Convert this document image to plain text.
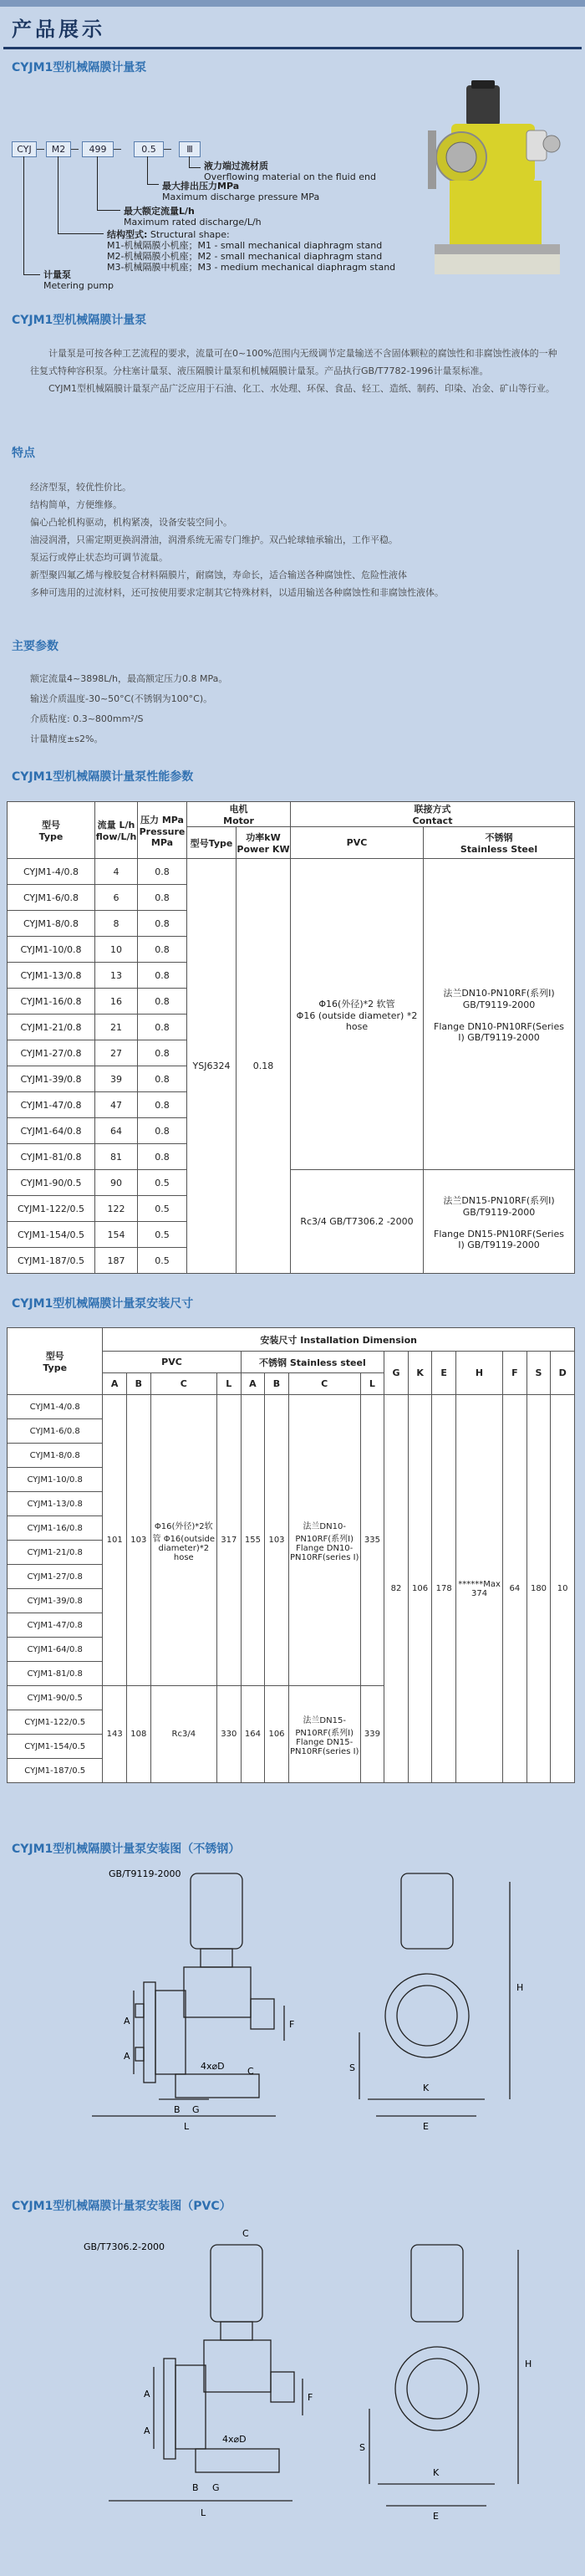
产品展示
CYJM1型机械隔膜计量泵
CYJ	M2	499	0.5	Ⅲ
液力端过流材质
Overflowing material on the fluid end
最大排出压力MPa
Maximum discharge pressure MPa
最大额定流量L/h
Maximum rated discharge/L/h
结构型式: Structural shape:
M1-机械隔膜小机座；M1 - small mechanical diaphragm stand
M2-机械隔膜小机座；M2 - small mechanical diaphragm stand
M3-机械隔膜中机座；M3 - medium mechanical diaphragm stand
计量泵
Metering pump
CYJM1型机械隔膜计量泵
计量泵是可按各种工艺流程的要求，流量可在0~100%范围内无级调节定量输送不含固体颗粒的腐蚀性和非腐蚀性液体的一种往复式特种容积泵。分柱塞计量泵、液压隔膜计量泵和机械隔膜计量泵。产品执行GB/T7782-1996计量泵标准。
CYJM1型机械隔膜计量泵产品广泛应用于石油、化工、水处理、环保、食品、轻工、造纸、制药、印染、冶金、矿山等行业。
特点
经济型泵，较优性价比。
结构简单，方便维修。
偏心凸轮机构驱动，机构紧凑，设备安装空间小。
油浸润滑，只需定期更换润滑油，润滑系统无需专门维护。双凸轮球轴承输出，工作平稳。
泵运行或停止状态均可调节流量。
新型聚四氟乙烯与橡胶复合材料隔膜片，耐腐蚀，寿命长，适合输送各种腐蚀性、危险性液体
多种可选用的过流材料，还可按使用要求定制其它特殊材料，以适用输送各种腐蚀性和非腐蚀性液体。
主要参数
额定流量4~3898L/h，最高额定压力0.8 MPa。
输送介质温度-30~50°C(不锈钢为100°C)。
介质粘度: 0.3~800mm²/S
计量精度±s2%。
CYJM1型机械隔膜计量泵性能参数
型号
Type	流量 L/h
flow/L/h	压力 MPa
Pressure
MPa	电机
Motor		联接方式
Contact	
			型号Type	功率kW
Power KW	PVC	不锈钢
Stainless Steel
CYJM1-4/0.8	4	0.8	YSJ6324	0.18	Φ16(外径)*2 软管
Φ16 (outside diameter) *2
hose	法兰DN10-PN10RF(系列Ⅰ)
GB/T9119-2000

Flange DN10-PN10RF(Series
Ⅰ) GB/T9119-2000
CYJM1-6/0.8	6	0.8				
CYJM1-8/0.8	8	0.8				
CYJM1-10/0.8	10	0.8				
CYJM1-13/0.8	13	0.8				
CYJM1-16/0.8	16	0.8				
CYJM1-21/0.8	21	0.8				
CYJM1-27/0.8	27	0.8				
CYJM1-39/0.8	39	0.8				
CYJM1-47/0.8	47	0.8				
CYJM1-64/0.8	64	0.8				
CYJM1-81/0.8	81	0.8				
CYJM1-90/0.5	90	0.5			Rc3/4 GB/T7306.2 -2000	法兰DN15-PN10RF(系列Ⅰ)
GB/T9119-2000

Flange DN15-PN10RF(Series
Ⅰ) GB/T9119-2000
CYJM1-122/0.5	122	0.5				
CYJM1-154/0.5	154	0.5				
CYJM1-187/0.5	187	0.5				
CYJM1型机械隔膜计量泵安装尺寸
型号
Type	安装尺寸 Installation Dimension														
	PVC				不锈钢 Stainless steel				G	K	E	H	F	S	D
	A	B	C	L	A	B	C	L							
CYJM1-4/0.8	101	103	Φ16(外径)*2软管 Φ16(outside diameter)*2 hose	317	155	103	法兰DN10-PN10RF(系列Ⅰ) Flange DN10-PN10RF(series Ⅰ)	335	82	106	178	******Max 374	64	180	10
CYJM1-6/0.8															
CYJM1-8/0.8															
CYJM1-10/0.8															
CYJM1-13/0.8															
CYJM1-16/0.8															
CYJM1-21/0.8															
CYJM1-27/0.8															
CYJM1-39/0.8															
CYJM1-47/0.8															
CYJM1-64/0.8															
CYJM1-81/0.8															
CYJM1-90/0.5	143	108	Rc3/4	330	164	106	法兰DN15-PN10RF(系列Ⅰ) Flange DN15-PN10RF(series Ⅰ)	339							
CYJM1-122/0.5															
CYJM1-154/0.5															
CYJM1-187/0.5															
CYJM1型机械隔膜计量泵安装图（不锈钢）
GB/T9119-2000
A
A
B
C
4x⌀D
F
G
L
H
S
K
E
CYJM1型机械隔膜计量泵安装图（PVC）
C
GB/T7306.2-2000
A
A
B
4x⌀D
F
G
L
H
S
K
E
